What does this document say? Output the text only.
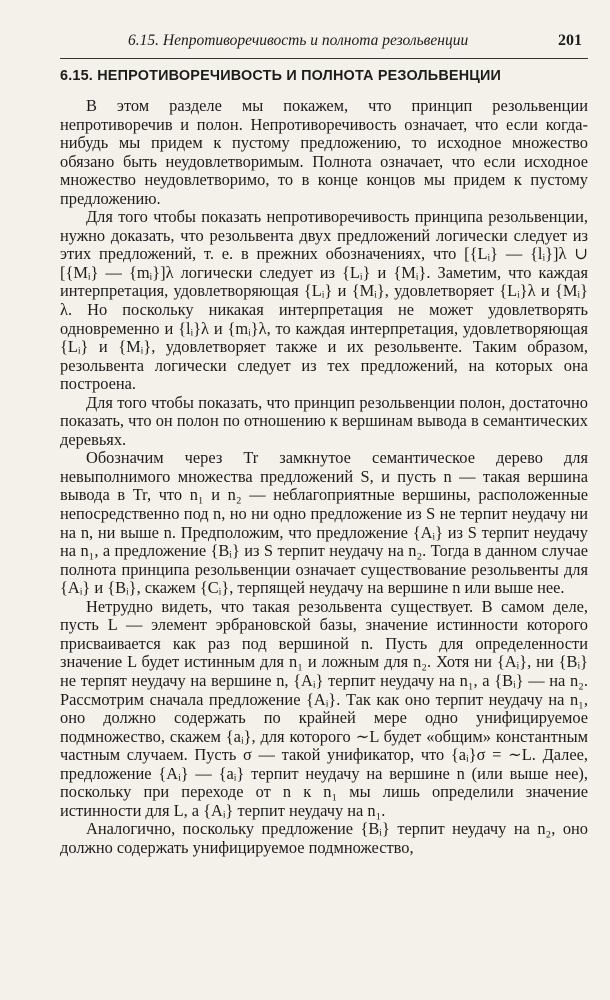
6.15. Непротиворечивость и полнота резольвенции	201
6.15. НЕПРОТИВОРЕЧИВОСТЬ И ПОЛНОТА РЕЗОЛЬВЕНЦИИ

В этом разделе мы покажем, что принцип резольвенции непротиворечив и полон. Непротиворечивость означает, что если когда-нибудь мы придем к пустому предложению, то исходное множество обязано быть неудовлетворимым. Полнота означает, что если исходное множество неудовлетворимо, то в конце концов мы придем к пустому предложению.

Для того чтобы показать непротиворечивость принципа резольвенции, нужно доказать, что резольвента двух предложений логически следует из этих предложений, т. е. в прежних обозначениях, что [{Lᵢ} — {lᵢ}]λ ∪ [{Mᵢ} — {mᵢ}]λ логически следует из {Lᵢ} и {Mᵢ}. Заметим, что каждая интерпретация, удовлетворяющая {Lᵢ} и {Mᵢ}, удовлетворяет {Lᵢ}λ и {Mᵢ}λ. Но поскольку никакая интерпретация не может удовлетворять одновременно и {lᵢ}λ и {mᵢ}λ, то каждая интерпретация, удовлетворяющая {Lᵢ} и {Mᵢ}, удовлетворяет также и их резольвенте. Таким образом, резольвента логически следует из тех предложений, на которых она построена.

Для того чтобы показать, что принцип резольвенции полон, достаточно показать, что он полон по отношению к вершинам вывода в семантических деревьях.

Обозначим через Tr замкнутое семантическое дерево для невыполнимого множества предложений S, и пусть n — такая вершина вывода в Tr, что n₁ и n₂ — неблагоприятные вершины, расположенные непосредственно под n, но ни одно предложение из S не терпит неудачу ни на n, ни выше n. Предположим, что предложение {Aᵢ} из S терпит неудачу на n₁, а предложение {Bᵢ} из S терпит неудачу на n₂. Тогда в данном случае полнота принципа резольвенции означает существование резольвенты для {Aᵢ} и {Bᵢ}, скажем {Cᵢ}, терпящей неудачу на вершине n или выше нее.

Нетрудно видеть, что такая резольвента существует. В самом деле, пусть L — элемент эрбрановской базы, значение истинности которого присваивается как раз под вершиной n. Пусть для определенности значение L будет истинным для n₁ и ложным для n₂. Хотя ни {Aᵢ}, ни {Bᵢ} не терпят неудачу на вершине n, {Aᵢ} терпит неудачу на n₁, а {Bᵢ} — на n₂. Рассмотрим сначала предложение {Aᵢ}. Так как оно терпит неудачу на n₁, оно должно содержать по крайней мере одно унифицируемое подмножество, скажем {aᵢ}, для которого ∼L будет «общим» константным частным случаем. Пусть σ — такой унификатор, что {aᵢ}σ = ∼L. Далее, предложение {Aᵢ} — {aᵢ} терпит неудачу на вершине n (или выше нее), поскольку при переходе от n к n₁ мы лишь определили значение истинности для L, а {Aᵢ} терпит неудачу на n₁.

Аналогично, поскольку предложение {Bᵢ} терпит неудачу на n₂, оно должно содержать унифицируемое подмножество,
